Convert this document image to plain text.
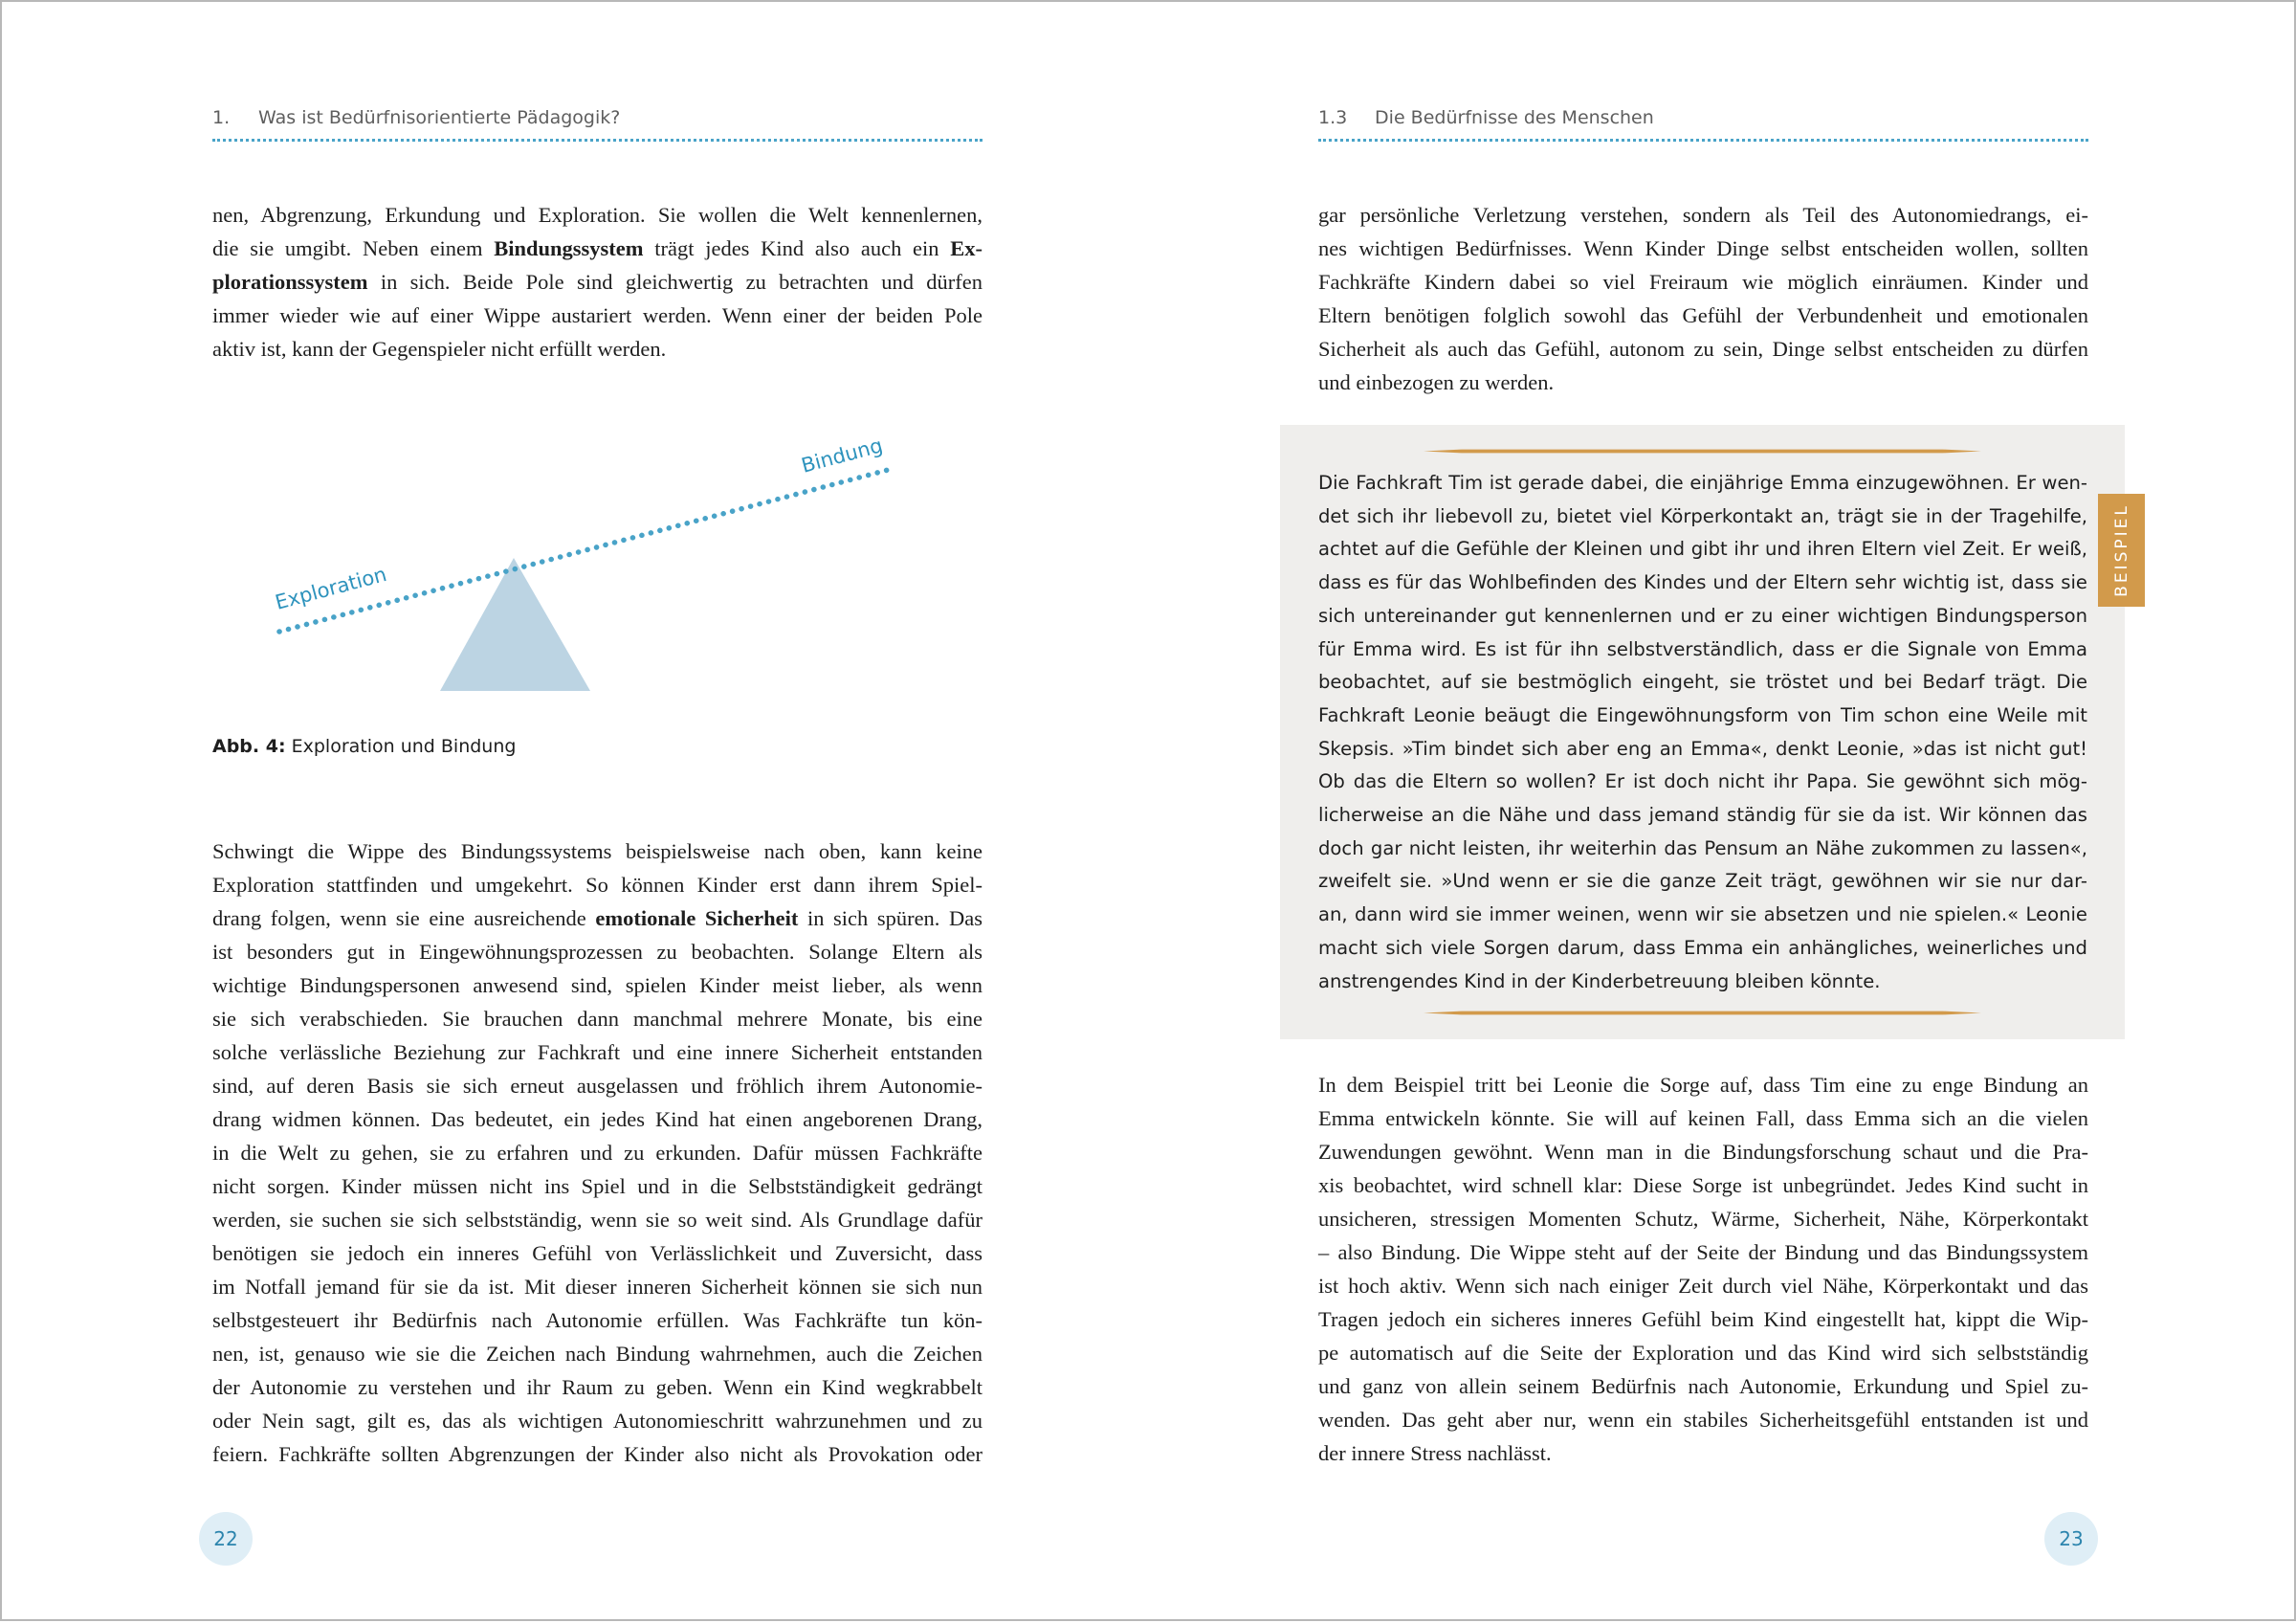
1. Was ist Bedürfnisorientierte Pädagogik?
nen, Abgrenzung, Erkundung und Exploration. Sie wollen die Welt kennenlernen,
die sie umgibt. Neben einem Bindungssystem trägt jedes Kind also auch ein Ex-
plorationssystem in sich. Beide Pole sind gleichwertig zu betrachten und dürfen
immer wieder wie auf einer Wippe austariert werden. Wenn einer der beiden Pole
aktiv ist, kann der Gegenspieler nicht erfüllt werden.
Exploration
Bindung
Abb. 4: Exploration und Bindung
Schwingt die Wippe des Bindungssystems beispielsweise nach oben, kann keine
Exploration stattfinden und umgekehrt. So können Kinder erst dann ihrem Spiel-
drang folgen, wenn sie eine ausreichende emotionale Sicherheit in sich spüren. Das
ist besonders gut in Eingewöhnungsprozessen zu beobachten. Solange Eltern als
wichtige Bindungspersonen anwesend sind, spielen Kinder meist lieber, als wenn
sie sich verabschieden. Sie brauchen dann manchmal mehrere Monate, bis eine
solche verlässliche Beziehung zur Fachkraft und eine innere Sicherheit entstanden
sind, auf deren Basis sie sich erneut ausgelassen und fröhlich ihrem Autonomie-
drang widmen können. Das bedeutet, ein jedes Kind hat einen angeborenen Drang,
in die Welt zu gehen, sie zu erfahren und zu erkunden. Dafür müssen Fachkräfte
nicht sorgen. Kinder müssen nicht ins Spiel und in die Selbstständigkeit gedrängt
werden, sie suchen sie sich selbstständig, wenn sie so weit sind. Als Grundlage dafür
benötigen sie jedoch ein inneres Gefühl von Verlässlichkeit und Zuversicht, dass
im Notfall jemand für sie da ist. Mit dieser inneren Sicherheit können sie sich nun
selbstgesteuert ihr Bedürfnis nach Autonomie erfüllen. Was Fachkräfte tun kön-
nen, ist, genauso wie sie die Zeichen nach Bindung wahrnehmen, auch die Zeichen
der Autonomie zu verstehen und ihr Raum zu geben. Wenn ein Kind wegkrabbelt
oder Nein sagt, gilt es, das als wichtigen Autonomieschritt wahrzunehmen und zu
feiern. Fachkräfte sollten Abgrenzungen der Kinder also nicht als Provokation oder
22
1.3 Die Bedürfnisse des Menschen
gar persönliche Verletzung verstehen, sondern als Teil des Autonomiedrangs, ei-
nes wichtigen Bedürfnisses. Wenn Kinder Dinge selbst entscheiden wollen, sollten
Fachkräfte Kindern dabei so viel Freiraum wie möglich einräumen. Kinder und
Eltern benötigen folglich sowohl das Gefühl der Verbundenheit und emotionalen
Sicherheit als auch das Gefühl, autonom zu sein, Dinge selbst entscheiden zu dürfen
und einbezogen zu werden.
Die Fachkraft Tim ist gerade dabei, die einjährige Emma einzugewöhnen. Er wen-
det sich ihr liebevoll zu, bietet viel Körperkontakt an, trägt sie in der Tragehilfe,
achtet auf die Gefühle der Kleinen und gibt ihr und ihren Eltern viel Zeit. Er weiß,
dass es für das Wohlbefinden des Kindes und der Eltern sehr wichtig ist, dass sie
sich untereinander gut kennenlernen und er zu einer wichtigen Bindungsperson
für Emma wird. Es ist für ihn selbstverständlich, dass er die Signale von Emma
beobachtet, auf sie bestmöglich eingeht, sie tröstet und bei Bedarf trägt. Die
Fachkraft Leonie beäugt die Eingewöhnungsform von Tim schon eine Weile mit
Skepsis. »Tim bindet sich aber eng an Emma«, denkt Leonie, »das ist nicht gut!
Ob das die Eltern so wollen? Er ist doch nicht ihr Papa. Sie gewöhnt sich mög-
licherweise an die Nähe und dass jemand ständig für sie da ist. Wir können das
doch gar nicht leisten, ihr weiterhin das Pensum an Nähe zukommen zu lassen«,
zweifelt sie. »Und wenn er sie die ganze Zeit trägt, gewöhnen wir sie nur dar-
an, dann wird sie immer weinen, wenn wir sie absetzen und nie spielen.« Leonie
macht sich viele Sorgen darum, dass Emma ein anhängliches, weinerliches und
anstrengendes Kind in der Kinderbetreuung bleiben könnte.
BEISPIEL
In dem Beispiel tritt bei Leonie die Sorge auf, dass Tim eine zu enge Bindung an
Emma entwickeln könnte. Sie will auf keinen Fall, dass Emma sich an die vielen
Zuwendungen gewöhnt. Wenn man in die Bindungsforschung schaut und die Pra-
xis beobachtet, wird schnell klar: Diese Sorge ist unbegründet. Jedes Kind sucht in
unsicheren, stressigen Momenten Schutz, Wärme, Sicherheit, Nähe, Körperkontakt
– also Bindung. Die Wippe steht auf der Seite der Bindung und das Bindungssystem
ist hoch aktiv. Wenn sich nach einiger Zeit durch viel Nähe, Körperkontakt und das
Tragen jedoch ein sicheres inneres Gefühl beim Kind eingestellt hat, kippt die Wip-
pe automatisch auf die Seite der Exploration und das Kind wird sich selbstständig
und ganz von allein seinem Bedürfnis nach Autonomie, Erkundung und Spiel zu-
wenden. Das geht aber nur, wenn ein stabiles Sicherheitsgefühl entstanden ist und
der innere Stress nachlässt.
23
